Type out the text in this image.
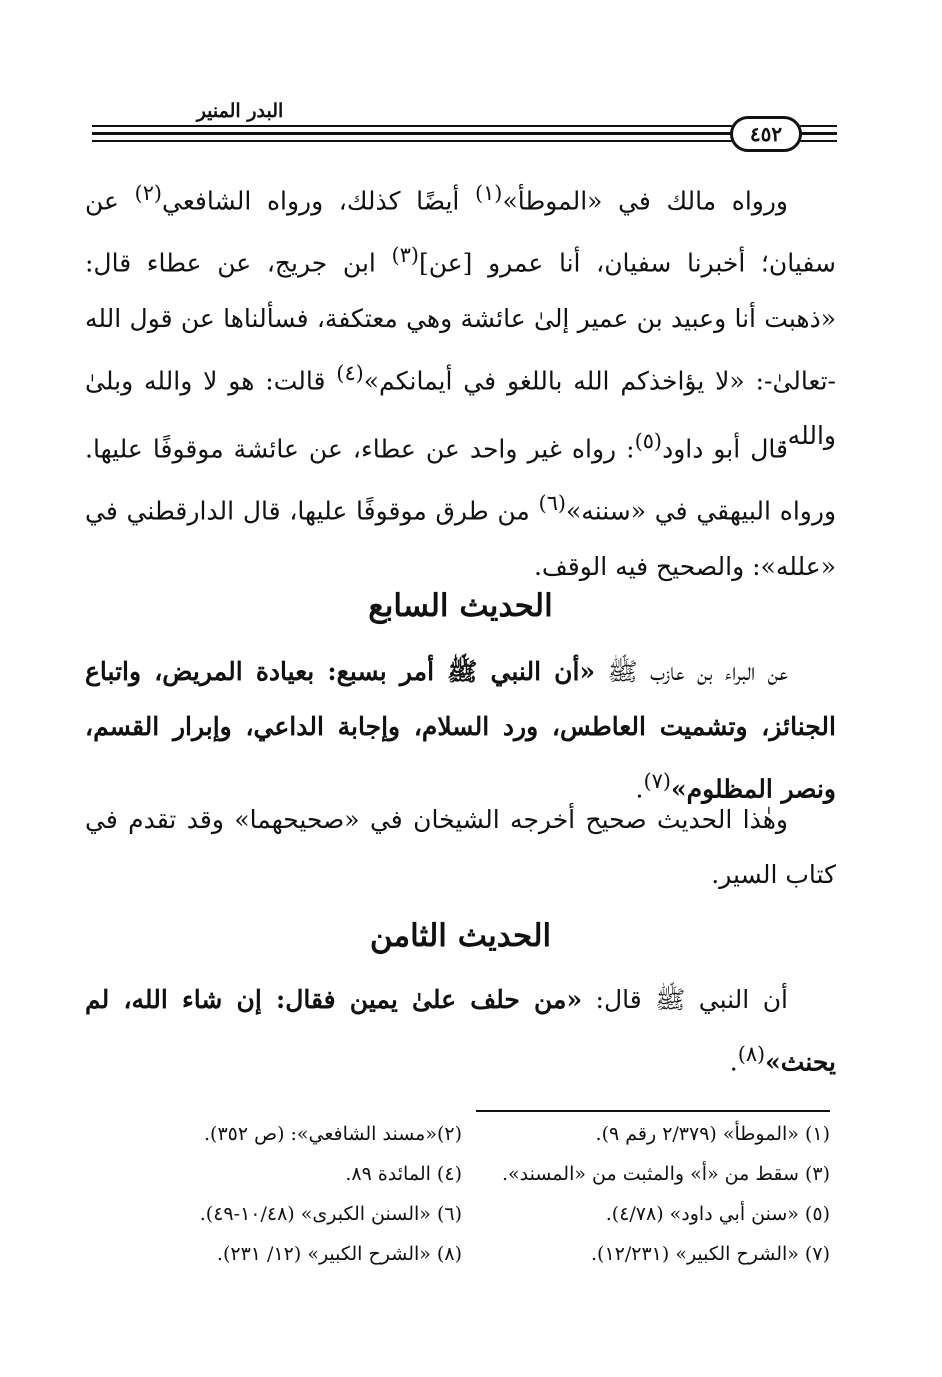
البدر المنير
٤٥٢

ورواه مالك في «الموطأ»$^{(١)}$ أيضًا كذلك، ورواه الشافعي$^{(٢)}$ عن سفيان؛ أخبرنا سفيان، أنا عمرو [عن]$^{(٣)}$ ابن جريج، عن عطاء قال: «ذهبت أنا وعبيد بن عمير إلىٰ عائشة وهي معتكفة، فسألناها عن قول الله -تعالىٰ-: «لا يؤاخذكم الله باللغو في أيمانكم»$^{(٤)}$ قالت: هو لا والله وبلىٰ والله.

قال أبو داود$^{(٥)}$: رواه غير واحد عن عطاء، عن عائشة موقوفًا عليها. ورواه البيهقي في «سننه»$^{(٦)}$ من طرق موقوفًا عليها، قال الدارقطني في «علله»: والصحيح فيه الوقف.

الحديث السابع

عن البراء بن عازب ﷺ «أن النبي ﷺ أمر بسبع: بعيادة المريض، واتباع الجنائز، وتشميت العاطس، ورد السلام، وإجابة الداعي، وإبرار القسم، ونصر المظلوم»$^{(٧)}$.

وهٰذا الحديث صحيح أخرجه الشيخان في «صحيحهما» وقد تقدم في كتاب السير.

الحديث الثامن

أن النبي ﷺ قال: «من حلف علىٰ يمين فقال: إن شاء الله، لم يحنث»$^{(٨)}$.

(١) «الموطأ» (٢/٣٧٩ رقم ٩).
(٢)«مسند الشافعي»: (ص ٣٥٢).
(٣) سقط من «أ» والمثبت من «المسند».
(٤) المائدة ٨٩.
(٥) «سنن أبي داود» (٤/٧٨).
(٦) «السنن الكبرى» (١٠/٤٨-٤٩).
(٧) «الشرح الكبير» (١٢/٢٣١).
(٨) «الشرح الكبير» (١٢/ ٢٣١).
